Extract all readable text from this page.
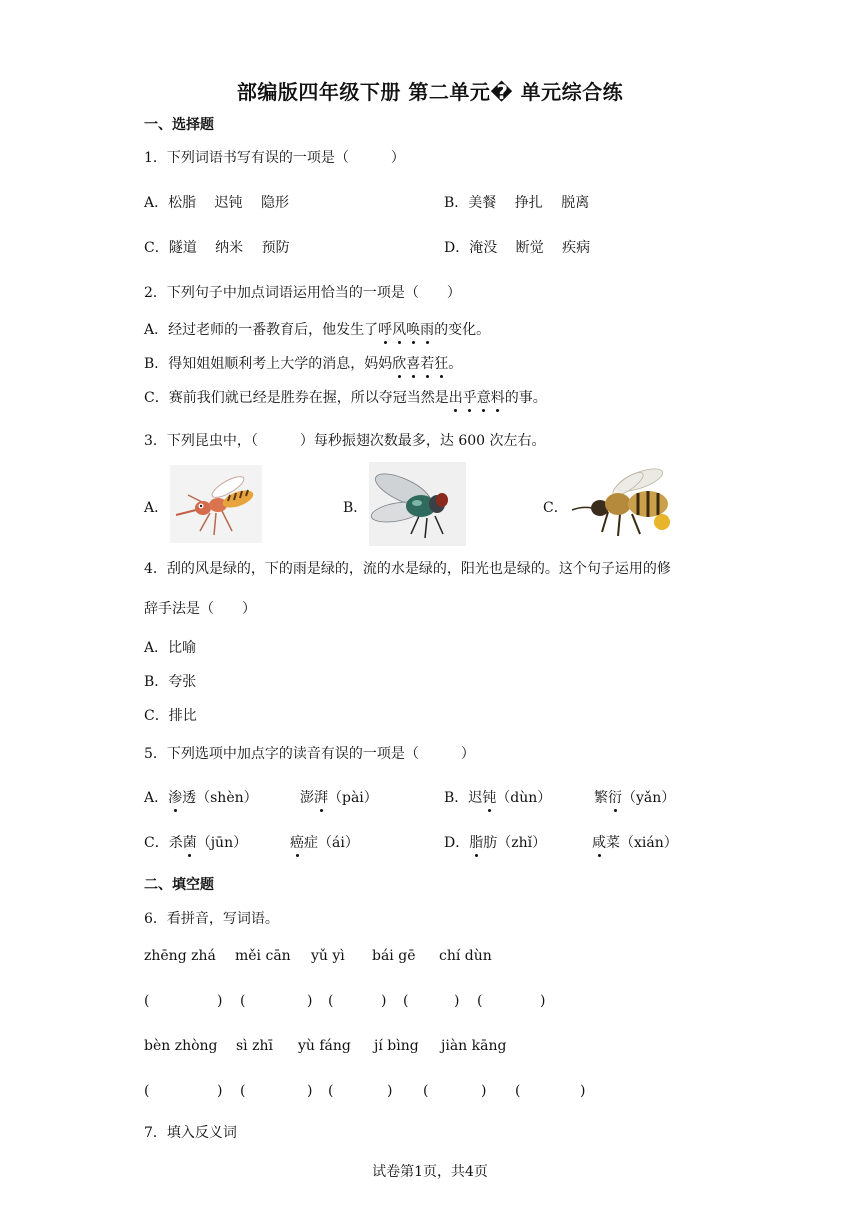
部编版四年级下册 第二单元� 单元综合练
一、选择题
1．下列词语书写有误的一项是（　　　）
A．松脂　 迟钝　 隐形	B．美餐　 挣扎　 脱离
C．隧道　 纳米　 预防	D．淹没　 断觉　 疾病
2．下列句子中加点词语运用恰当的一项是（　　）
A．经过老师的一番教育后，他发生了呼风唤雨的变化。
B．得知姐姐顺利考上大学的消息，妈妈欣喜若狂。
C．赛前我们就已经是胜券在握，所以夺冠当然是出乎意料的事。
3．下列昆虫中，（　　　）每秒振翅次数最多，达 600 次左右。
A．	B．	C．
4．刮的风是绿的，下的雨是绿的，流的水是绿的，阳光也是绿的。这个句子运用的修
辞手法是（　　）
A．比喻
B．夸张
C．排比
5．下列选项中加点字的读音有误的一项是（　　　）
A．渗透（shèn）	澎湃（pài）	B．迟钝（dùn）	繁衍（yǎn）
C．杀菌（jūn）	癌症（ái）	D．脂肪（zhǐ）	咸菜（xián）
二、填空题
6．看拼音，写词语。
zhēng zhá měi cān yǔ yì bái gē chí dùn
(	) (	) (	) (	) (	)
bèn zhòng sì zhī yù fáng jí bìng jiàn kāng
(	) (	) (	) (	) (	)
7．填入反义词
试卷第1页，共4页
